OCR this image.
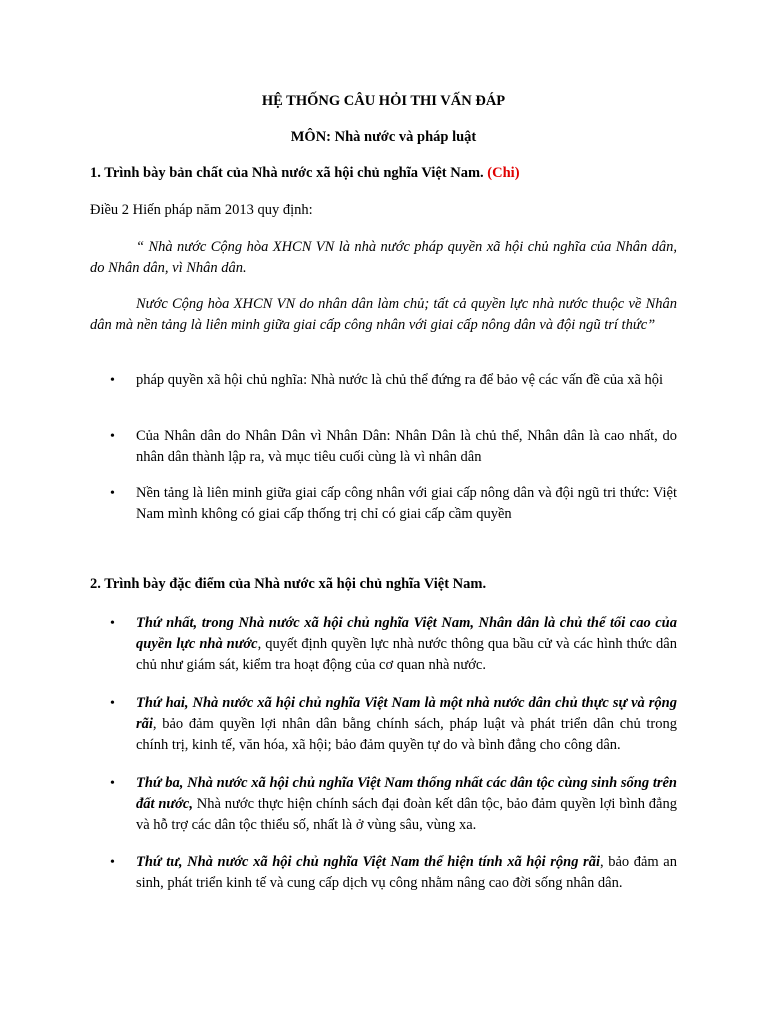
HỆ THỐNG CÂU HỎI THI VẤN ĐÁP
MÔN: Nhà nước và pháp luật
1. Trình bày bản chất của Nhà nước xã hội chủ nghĩa Việt Nam. (Chi)
Điều 2 Hiến pháp năm 2013 quy định:
“ Nhà nước Cộng hòa XHCN VN là nhà nước pháp quyền xã hội chủ nghĩa của Nhân dân, do Nhân dân, vì Nhân dân.
Nước Cộng hòa XHCN VN do nhân dân làm chủ; tất cả quyền lực nhà nước thuộc về Nhân dân mà nền tảng là liên minh giữa giai cấp công nhân với giai cấp nông dân và đội ngũ trí thức”
• pháp quyền xã hội chủ nghĩa: Nhà nước là chủ thể đứng ra để bảo vệ các vấn đề của xã hội
• Của Nhân dân do Nhân Dân vì Nhân Dân: Nhân Dân là chủ thể, Nhân dân là cao nhất, do nhân dân thành lập ra, và mục tiêu cuối cùng là vì nhân dân
• Nền tảng là liên minh giữa giai cấp công nhân với giai cấp nông dân và đội ngũ tri thức: Việt Nam mình không có giai cấp thống trị chỉ có giai cấp cầm quyền
2. Trình bày đặc điểm của Nhà nước xã hội chủ nghĩa Việt Nam.
• Thứ nhất, trong Nhà nước xã hội chủ nghĩa Việt Nam, Nhân dân là chủ thể tối cao của quyền lực nhà nước, quyết định quyền lực nhà nước thông qua bầu cử và các hình thức dân chủ như giám sát, kiểm tra hoạt động của cơ quan nhà nước.
• Thứ hai, Nhà nước xã hội chủ nghĩa Việt Nam là một nhà nước dân chủ thực sự và rộng rãi, bảo đảm quyền lợi nhân dân bằng chính sách, pháp luật và phát triển dân chủ trong chính trị, kinh tế, văn hóa, xã hội; bảo đảm quyền tự do và bình đẳng cho công dân.
• Thứ ba, Nhà nước xã hội chủ nghĩa Việt Nam thống nhất các dân tộc cùng sinh sống trên đất nước, Nhà nước thực hiện chính sách đại đoàn kết dân tộc, bảo đảm quyền lợi bình đẳng và hỗ trợ các dân tộc thiểu số, nhất là ở vùng sâu, vùng xa.
• Thứ tư, Nhà nước xã hội chủ nghĩa Việt Nam thể hiện tính xã hội rộng rãi, bảo đảm an sinh, phát triển kinh tế và cung cấp dịch vụ công nhằm nâng cao đời sống nhân dân.
